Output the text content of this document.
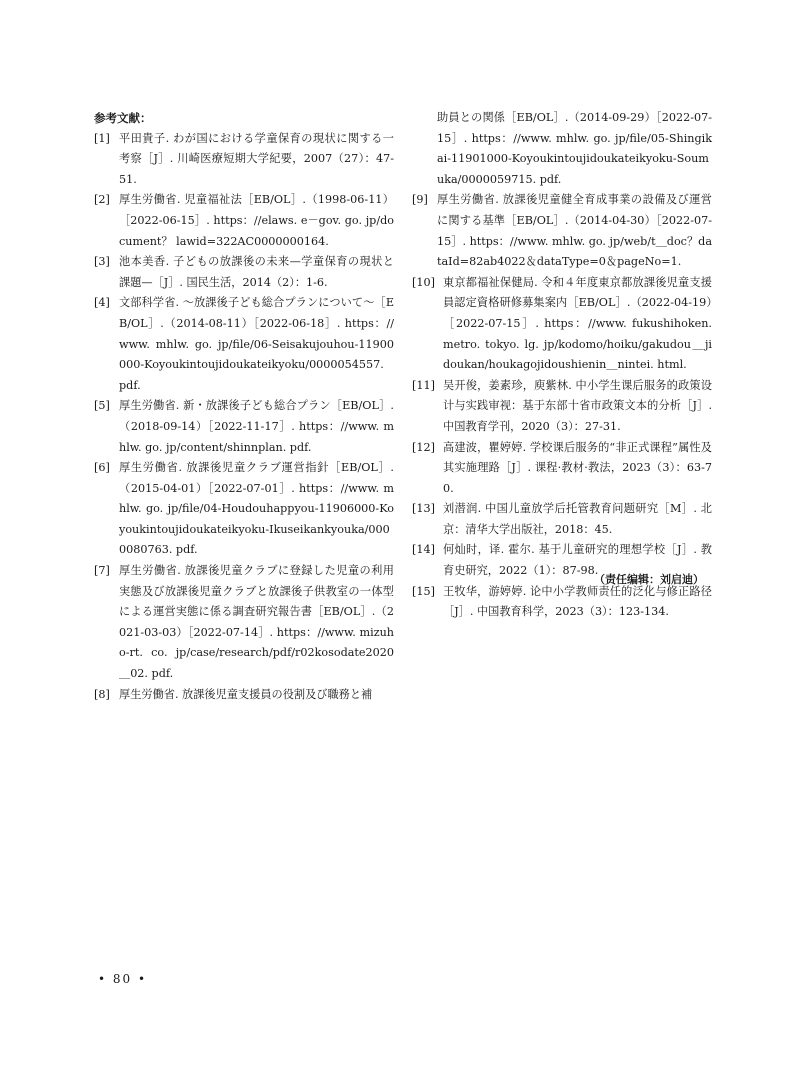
参考文献：

[1] 平田貴子. わが国における学童保育の現状に関する一考察［J］. 川崎医療短期大学紀要，2007（27）：47-51.

[2] 厚生労働省. 児童福祉法［EB/OL］.（1998-06-11）［2022-06-15］. https：//elaws. e－gov. go. jp/document？ lawid=322AC0000000164.

[3] 池本美香. 子どもの放課後の未来—学童保育の現状と課題—［J］. 国民生活，2014（2）：1-6.

[4] 文部科学省. ～放課後子ども総合プランについて～［EB/OL］.（2014-08-11）［2022-06-18］. https：//www. mhlw. go. jp/file/06-Seisakujouhou-11900000-Koyoukintoujidoukateikyoku/0000054557. pdf.

[5] 厚生労働省. 新・放課後子ども総合プラン［EB/OL］.（2018-09-14）［2022-11-17］. https：//www. mhlw. go. jp/content/shinnplan. pdf.

[6] 厚生労働省. 放課後児童クラブ運営指針［EB/OL］.（2015-04-01）［2022-07-01］. https：//www. mhlw. go. jp/file/04-Houdouhappyou-11906000-Koyoukintoujidoukateikyoku-Ikuseikankyouka/0000080763. pdf.

[7] 厚生労働省. 放課後児童クラブに登録した児童の利用実態及び放課後児童クラブと放課後子供教室の一体型による運営実態に係る調査研究報告書［EB/OL］.（2021-03-03）［2022-07-14］. https：//www. mizuho-rt. co. jp/case/research/pdf/r02kosodate2020＿02. pdf.

[8] 厚生労働省. 放課後児童支援員の役割及び職務と補

助員との関係［EB/OL］.（2014-09-29）［2022-07-15］. https：//www. mhlw. go. jp/file/05-Shingikai-11901000-Koyoukintoujidoukateikyoku-Soumuka/0000059715. pdf.

[9] 厚生労働省. 放課後児童健全育成事業の設備及び運営に関する基準［EB/OL］.（2014-04-30）［2022-07-15］. https：//www. mhlw. go. jp/web/t＿doc？dataId=82ab4022＆dataType=0＆pageNo=1.

[10] 東京都福祉保健局. 令和４年度東京都放課後児童支援員認定資格研修募集案内［EB/OL］.（2022-04-19）［2022-07-15］. https：//www. fukushihoken. metro. tokyo. lg. jp/kodomo/hoiku/gakudou＿jidoukan/houkagojidoushienin＿nintei. html.

[11] 吴开俊，姜素珍，庾紫林. 中小学生课后服务的政策设计与实践审视：基于东部十省市政策文本的分析［J］. 中国教育学刊，2020（3）：27-31.

[12] 高建波，瞿婷婷. 学校课后服务的“非正式课程”属性及其实施理路［J］. 课程·教材·教法，2023（3）：63-70.

[13] 刘潜润. 中国儿童放学后托管教育问题研究［M］. 北京：清华大学出版社，2018：45.

[14] 何灿时，译. 霍尔. 基于儿童研究的理想学校［J］. 教育史研究，2022（1）：87-98.

[15] 王牧华，游婷婷. 论中小学教师责任的泛化与修正路径［J］. 中国教育科学，2023（3）：123-134.

（责任编辑：刘启迪）
• 80 •
